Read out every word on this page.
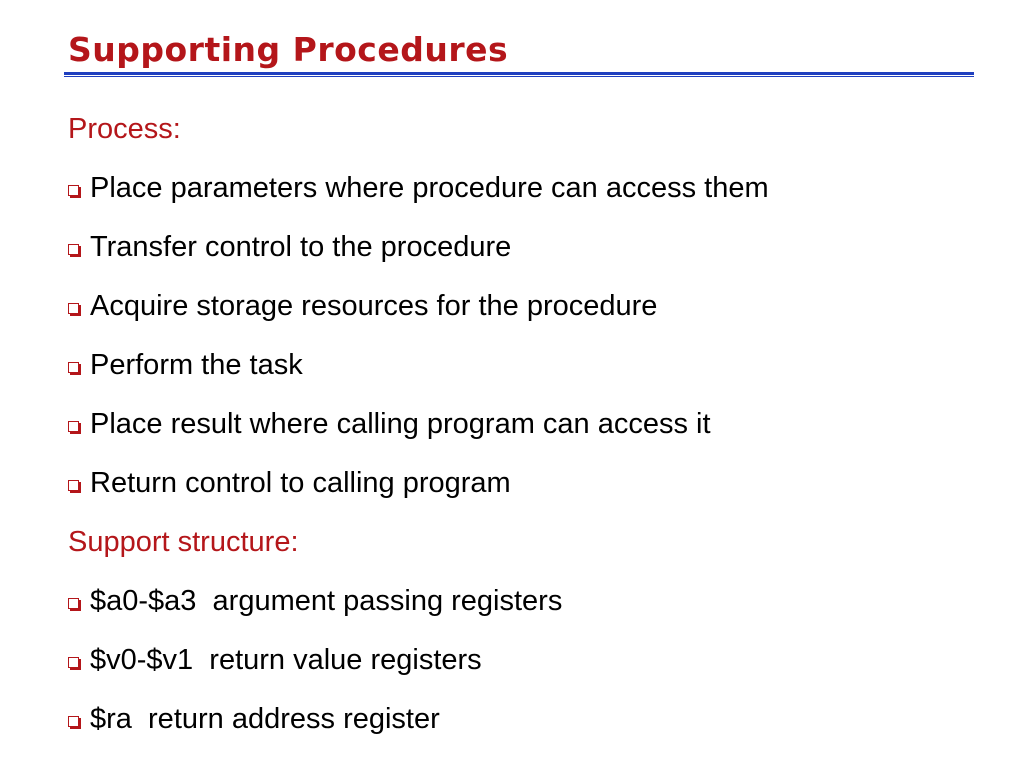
Supporting Procedures
Process:
Place parameters where procedure can access them
Transfer control to the procedure
Acquire storage resources for the procedure
Perform the task
Place result where calling program can access it
Return control to calling program
Support structure:
$a0-$a3  argument passing registers
$v0-$v1  return value registers
$ra  return address register
